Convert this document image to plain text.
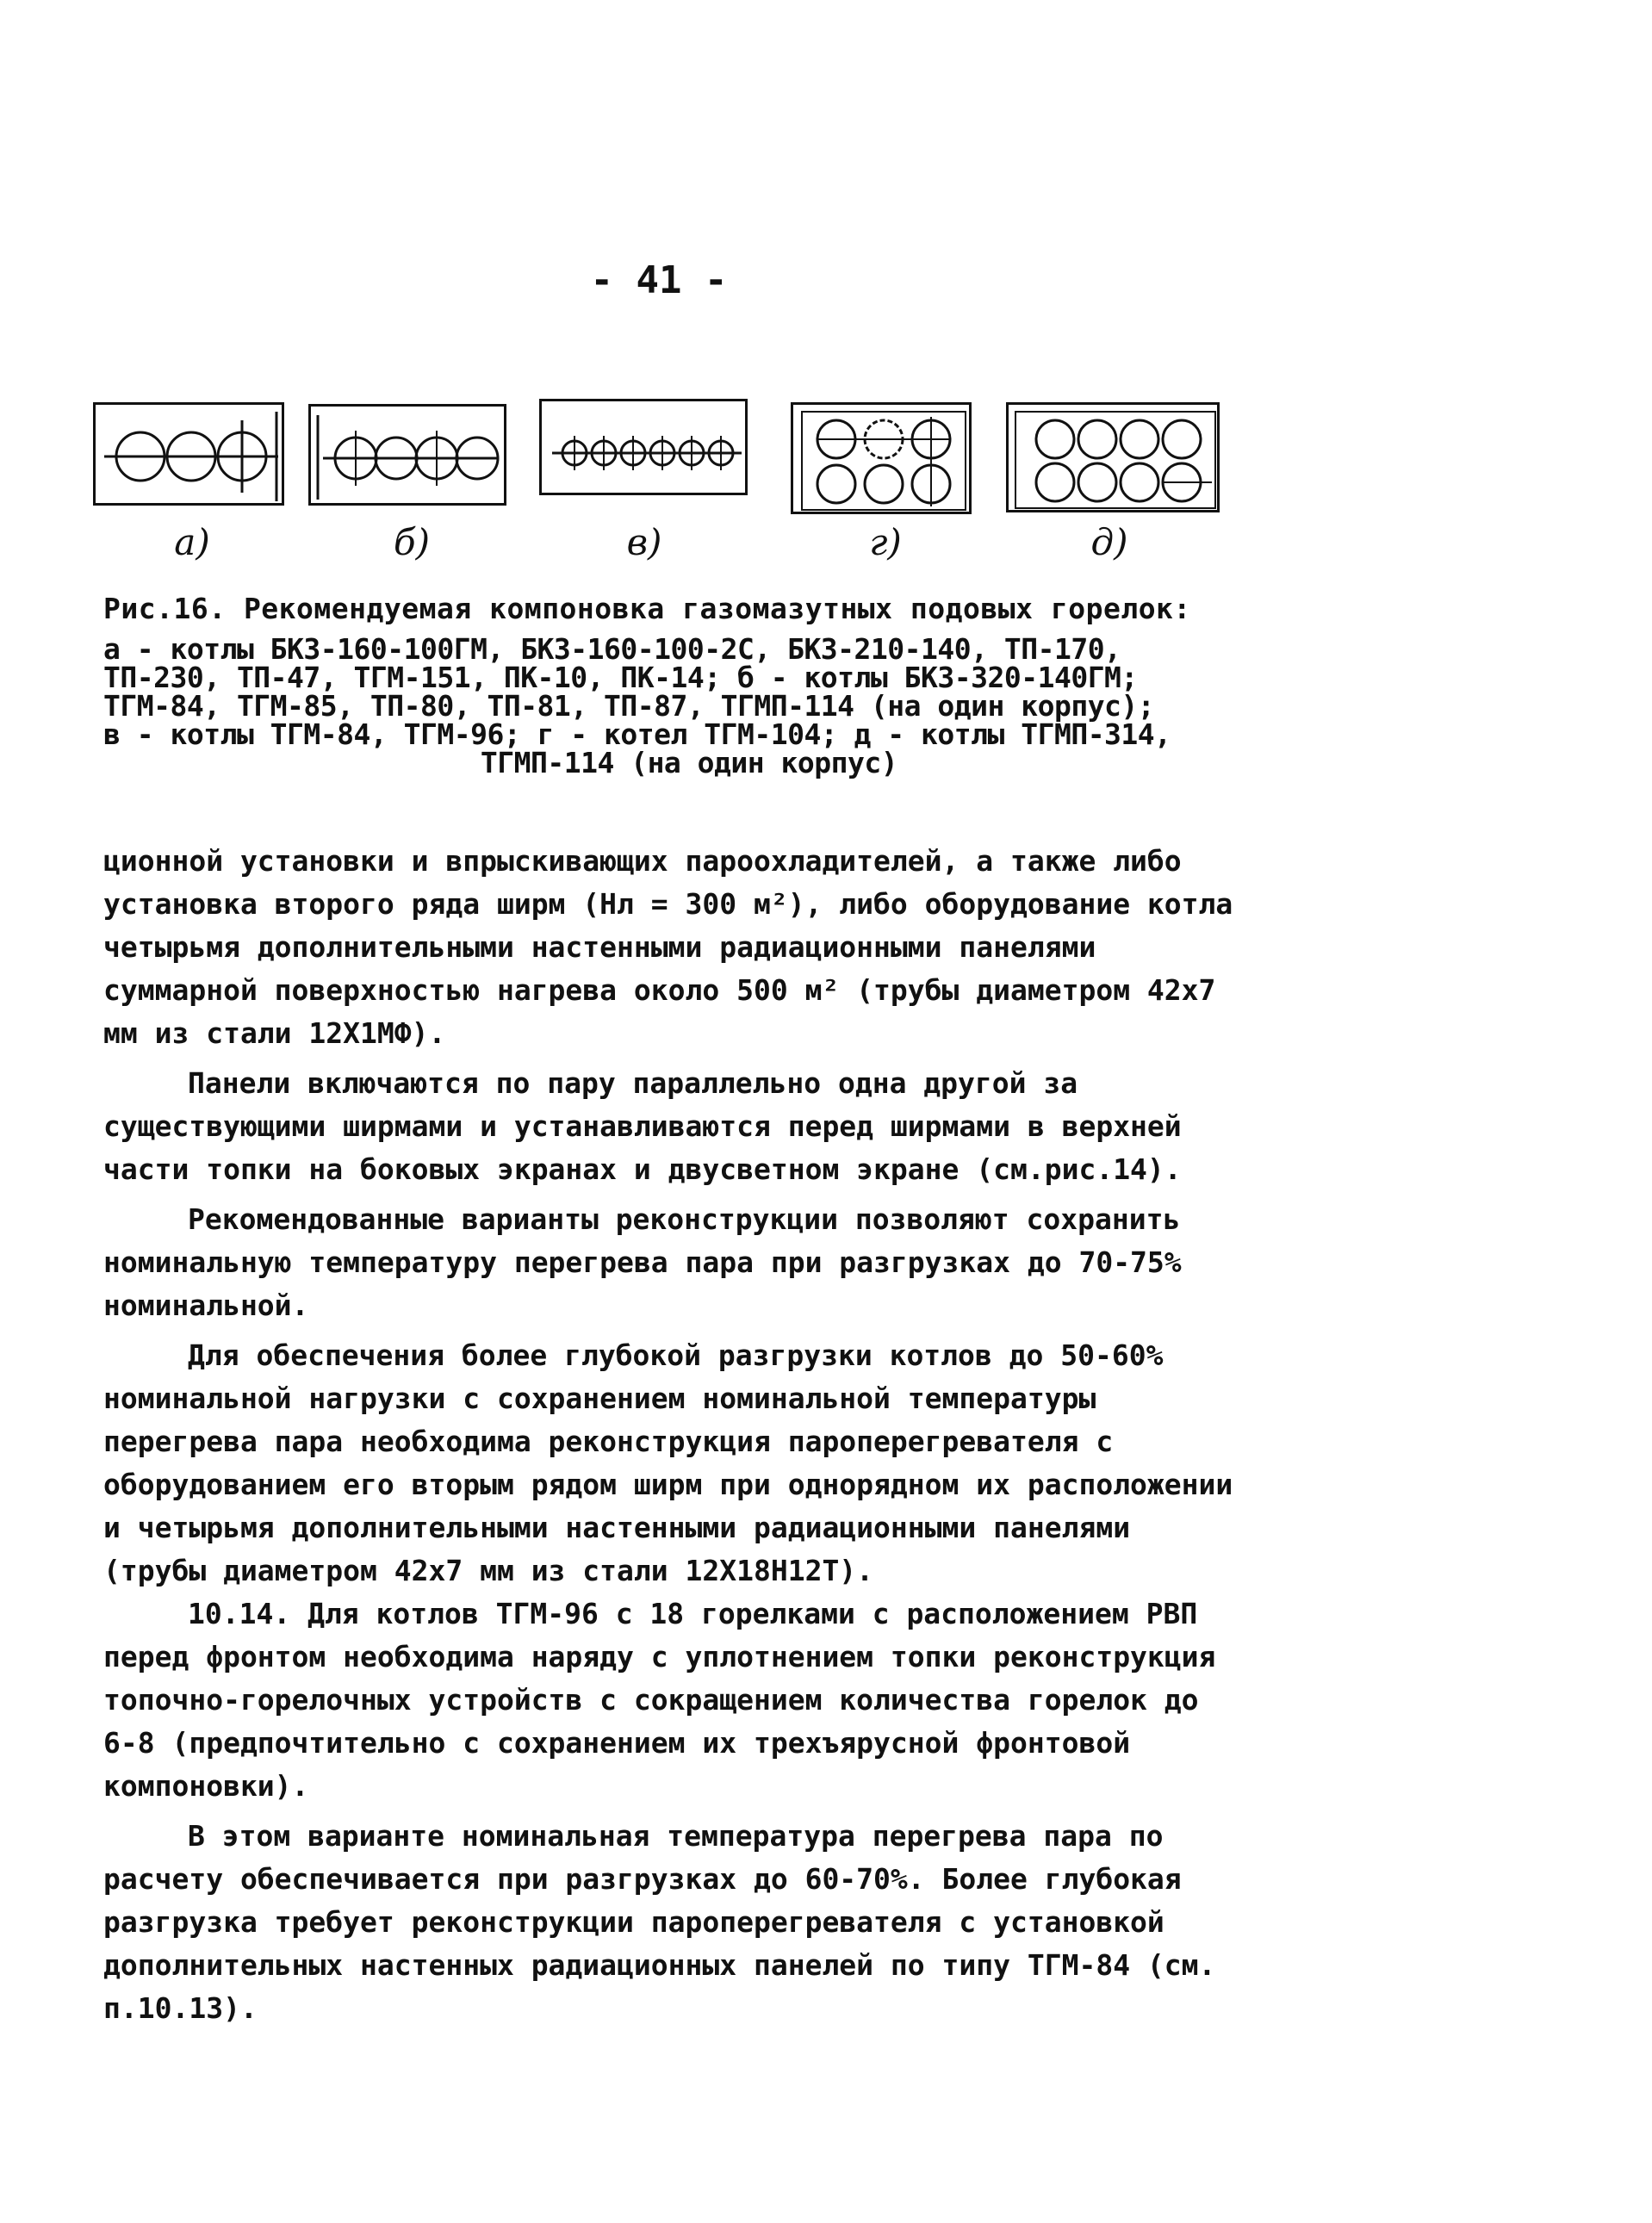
- 41 -
а)	б)	в)	г)	д)
Рис.16. Рекомендуемая компоновка газомазутных подовых горелок:
а - котлы БКЗ-160-100ГМ, БКЗ-160-100-2С, БКЗ-210-140, ТП-170,
ТП-230, ТП-47, ТГМ-151, ПК-10, ПК-14; б - котлы БКЗ-320-140ГМ;
ТГМ-84, ТГМ-85, ТП-80, ТП-81, ТП-87, ТГМП-114 (на один корпус);
в - котлы ТГМ-84, ТГМ-96; г - котел ТГМ-104; д - котлы ТГМП-314,
ТГМП-114 (на один корпус)

ционной установки и впрыскивающих пароохладителей, а также либо установка второго ряда ширм (Hл = 300 м²), либо оборудование котла четырьмя дополнительными настенными радиационными панелями суммарной поверхностью нагрева около 500 м² (трубы диаметром 42х7 мм из стали 12Х1МФ).

Панели включаются по пару параллельно одна другой за существующими ширмами и устанавливаются перед ширмами в верхней части топки на боковых экранах и двусветном экране (см.рис.14).

Рекомендованные варианты реконструкции позволяют сохранить номинальную температуру перегрева пара при разгрузках до 70-75% номинальной.

Для обеспечения более глубокой разгрузки котлов до 50-60% номинальной нагрузки с сохранением номинальной температуры перегрева пара необходима реконструкция пароперегревателя с оборудованием его вторым рядом ширм при однорядном их расположении и четырьмя дополнительными настенными радиационными панелями (трубы диаметром 42х7 мм из стали 12Х18Н12Т).

10.14. Для котлов ТГМ-96 с 18 горелками с расположением РВП перед фронтом необходима наряду с уплотнением топки реконструкция топочно-горелочных устройств с сокращением количества горелок до 6-8 (предпочтительно с сохранением их трехъярусной фронтовой компоновки).

В этом варианте номинальная температура перегрева пара по расчету обеспечивается при разгрузках до 60-70%. Более глубокая разгрузка требует реконструкции пароперегревателя с установкой дополнительных настенных радиационных панелей по типу ТГМ-84 (см. п.10.13).
